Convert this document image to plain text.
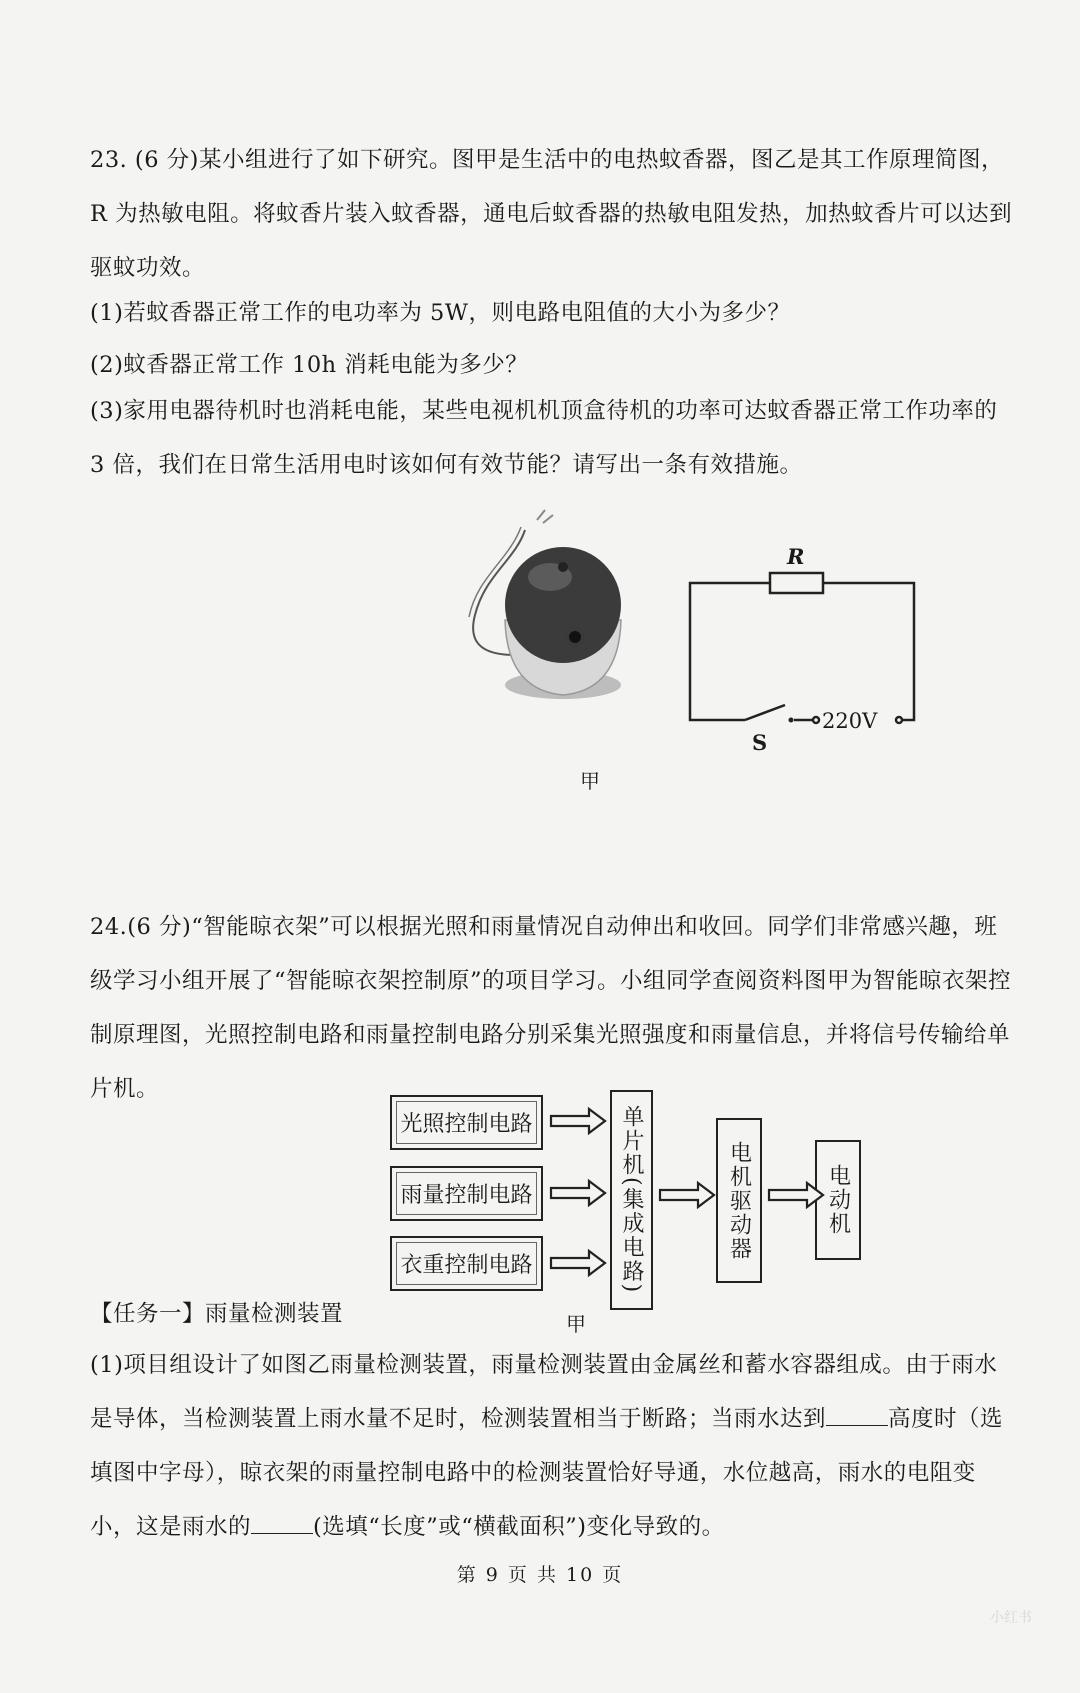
23. (6 分)某小组进行了如下研究。图甲是生活中的电热蚊香器，图乙是其工作原理简图，R 为热敏电阻。将蚊香片装入蚊香器，通电后蚊香器的热敏电阻发热，加热蚊香片可以达到驱蚊功效。

(1)若蚊香器正常工作的电功率为 5W，则电路电阻值的大小为多少？
(2)蚊香器正常工作 10h 消耗电能为多少？

(3)家用电器待机时也消耗电能，某些电视机机顶盒待机的功率可达蚊香器正常工作功率的 3 倍，我们在日常生活用电时该如何有效节能？请写出一条有效措施。

R
S
220V
甲

24.(6 分)“智能晾衣架”可以根据光照和雨量情况自动伸出和收回。同学们非常感兴趣，班级学习小组开展了“智能晾衣架控制原”的项目学习。小组同学查阅资料图甲为智能晾衣架控制原理图，光照控制电路和雨量控制电路分别采集光照强度和雨量信息，并将信号传输给单片机。

光照控制电路
雨量控制电路
衣重控制电路	单片机(集成电路)	电机驱动器	电动机
甲
【任务一】雨量检测装置

(1)项目组设计了如图乙雨量检测装置，雨量检测装置由金属丝和蓄水容器组成。由于雨水是导体，当检测装置上雨水量不足时，检测装置相当于断路；当雨水达到	高度时（选填图中字母），晾衣架的雨量控制电路中的检测装置恰好导通，水位越高，雨水的电阻变小，这是雨水的	(选填“长度”或“横截面积”)变化导致的。

第 9 页 共 10 页
小红书
